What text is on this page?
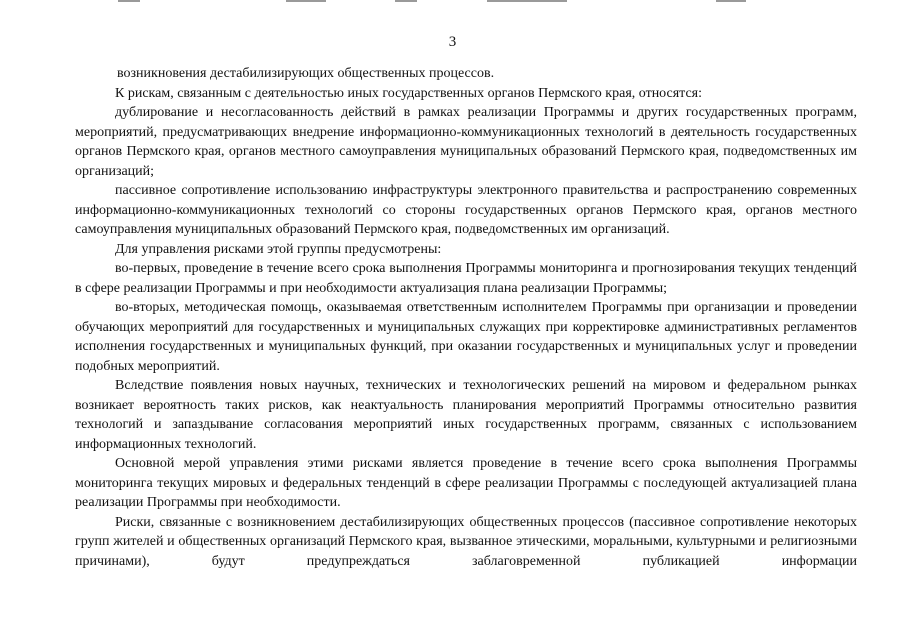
3

возникновения дестабилизирующих общественных процессов.

К рискам, связанным с деятельностью иных государственных органов Пермского края, относятся:

дублирование и несогласованность действий в рамках реализации Программы и других государственных программ, мероприятий, предусматривающих внедрение информационно-коммуникационных технологий в деятельность государственных органов Пермского края, органов местного самоуправления муниципальных образований Пермского края, подведомственных им организаций;

пассивное сопротивление использованию инфраструктуры электронного правительства и распространению современных информационно-коммуникационных технологий со стороны государственных органов Пермского края, органов местного самоуправления муниципальных образований Пермского края, подведомственных им организаций.

Для управления рисками этой группы предусмотрены:

во-первых, проведение в течение всего срока выполнения Программы мониторинга и прогнозирования текущих тенденций в сфере реализации Программы и при необходимости актуализация плана реализации Программы;

во-вторых, методическая помощь, оказываемая ответственным исполнителем Программы при организации и проведении обучающих мероприятий для государственных и муниципальных служащих при корректировке административных регламентов исполнения государственных и муниципальных функций, при оказании государственных и муниципальных услуг и проведении подобных мероприятий.

Вследствие появления новых научных, технических и технологических решений на мировом и федеральном рынках возникает вероятность таких рисков, как неактуальность планирования мероприятий Программы относительно развития технологий и запаздывание согласования мероприятий иных государственных программ, связанных с использованием информационных технологий.

Основной мерой управления этими рисками является проведение в течение всего срока выполнения Программы мониторинга текущих мировых и федеральных тенденций в сфере реализации Программы с последующей актуализацией плана реализации Программы при необходимости.

Риски, связанные с возникновением дестабилизирующих общественных процессов (пассивное сопротивление некоторых групп жителей и общественных организаций Пермского края, вызванное этическими, моральными, культурными и религиозными причинами), будут предупреждаться заблаговременной публикацией информации
